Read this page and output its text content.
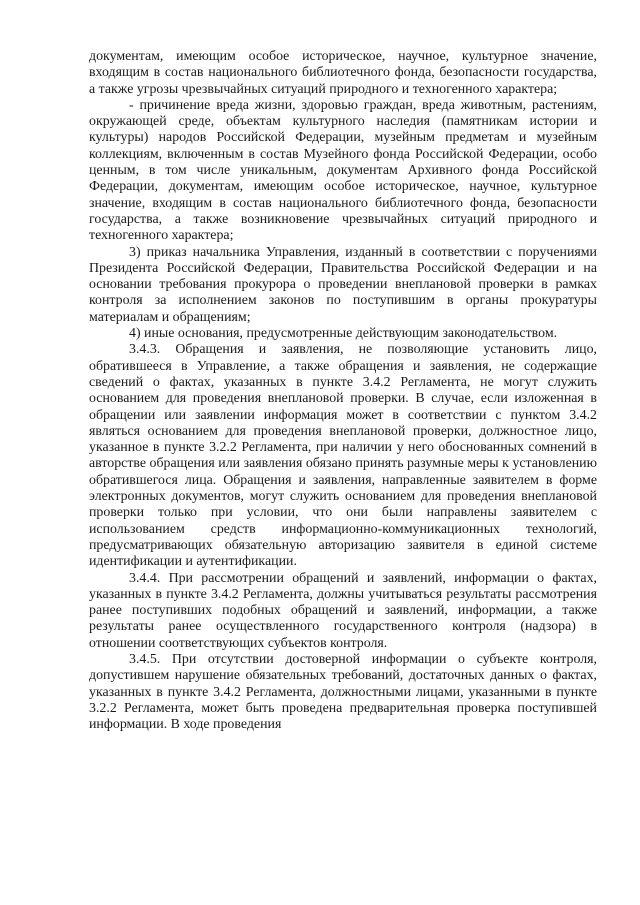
документам, имеющим особое историческое, научное, культурное значение, входящим в состав национального библиотечного фонда, безопасности государства, а также угрозы чрезвычайных ситуаций природного и техногенного характера;

- причинение вреда жизни, здоровью граждан, вреда животным, растениям, окружающей среде, объектам культурного наследия (памятникам истории и культуры) народов Российской Федерации, музейным предметам и музейным коллекциям, включенным в состав Музейного фонда Российской Федерации, особо ценным, в том числе уникальным, документам Архивного фонда Российской Федерации, документам, имеющим особое историческое, научное, культурное значение, входящим в состав национального библиотечного фонда, безопасности государства, а также возникновение чрезвычайных ситуаций природного и техногенного характера;

3) приказ начальника Управления, изданный в соответствии с поручениями Президента Российской Федерации, Правительства Российской Федерации и на основании требования прокурора о проведении внеплановой проверки в рамках контроля за исполнением законов по поступившим в органы прокуратуры материалам и обращениям;

4) иные основания, предусмотренные действующим законодательством.

3.4.3. Обращения и заявления, не позволяющие установить лицо, обратившееся в Управление, а также обращения и заявления, не содержащие сведений о фактах, указанных в пункте 3.4.2 Регламента, не могут служить основанием для проведения внеплановой проверки. В случае, если изложенная в обращении или заявлении информация может в соответствии с пунктом 3.4.2 являться основанием для проведения внеплановой проверки, должностное лицо, указанное в пункте 3.2.2 Регламента, при наличии у него обоснованных сомнений в авторстве обращения или заявления обязано принять разумные меры к установлению обратившегося лица. Обращения и заявления, направленные заявителем в форме электронных документов, могут служить основанием для проведения внеплановой проверки только при условии, что они были направлены заявителем с использованием средств информационно-коммуникационных технологий, предусматривающих обязательную авторизацию заявителя в единой системе идентификации и аутентификации.

3.4.4. При рассмотрении обращений и заявлений, информации о фактах, указанных в пункте 3.4.2 Регламента, должны учитываться результаты рассмотрения ранее поступивших подобных обращений и заявлений, информации, а также результаты ранее осуществленного государственного контроля (надзора) в отношении соответствующих субъектов контроля.

3.4.5. При отсутствии достоверной информации о субъекте контроля, допустившем нарушение обязательных требований, достаточных данных о фактах, указанных в пункте 3.4.2 Регламента, должностными лицами, указанными в пункте 3.2.2 Регламента, может быть проведена предварительная проверка поступившей информации. В ходе проведения
